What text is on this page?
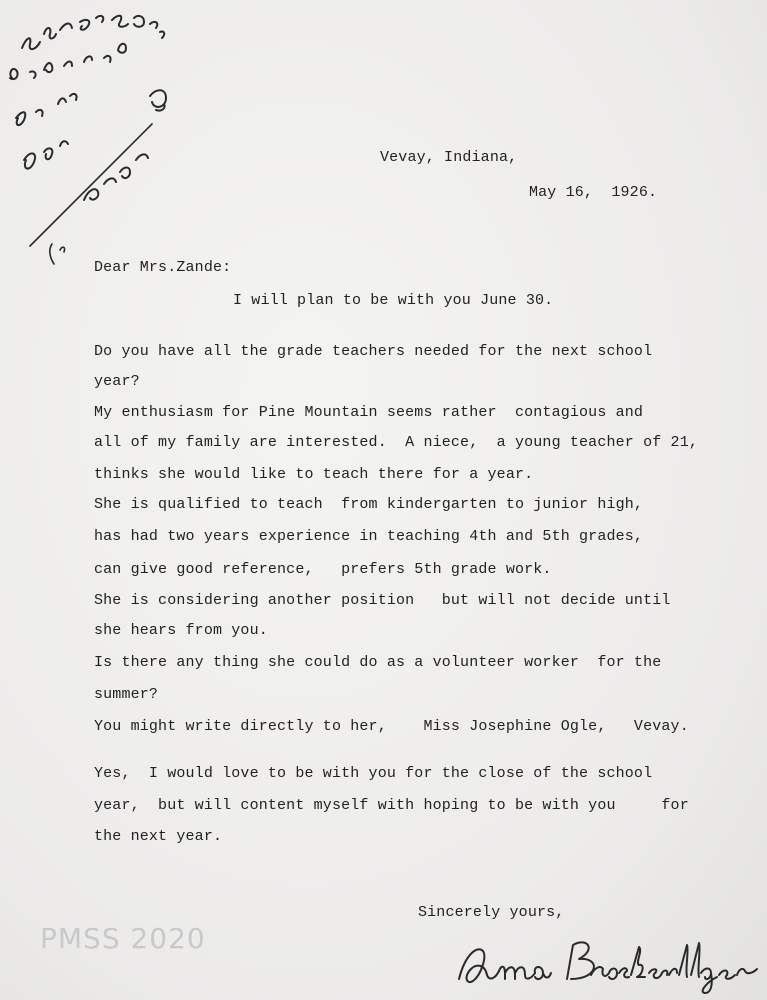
Vevay, Indiana,
May 16,  1926.
Dear Mrs.Zande:
I will plan to be with you June 30.
Do you have all the grade teachers needed for the next school
year?
My enthusiasm for Pine Mountain seems rather  contagious and
all of my family are interested.  A niece,  a young teacher of 21,
thinks she would like to teach there for a year.
She is qualified to teach  from kindergarten to junior high,
has had two years experience in teaching 4th and 5th grades,
can give good reference,   prefers 5th grade work.
She is considering another position   but will not decide until
she hears from you.
Is there any thing she could do as a volunteer worker  for the
summer?
You might write directly to her,    Miss Josephine Ogle,   Vevay.
Yes,  I would love to be with you for the close of the school
year,  but will content myself with hoping to be with you     for
the next year.
Sincerely yours,
PMSS 2020
